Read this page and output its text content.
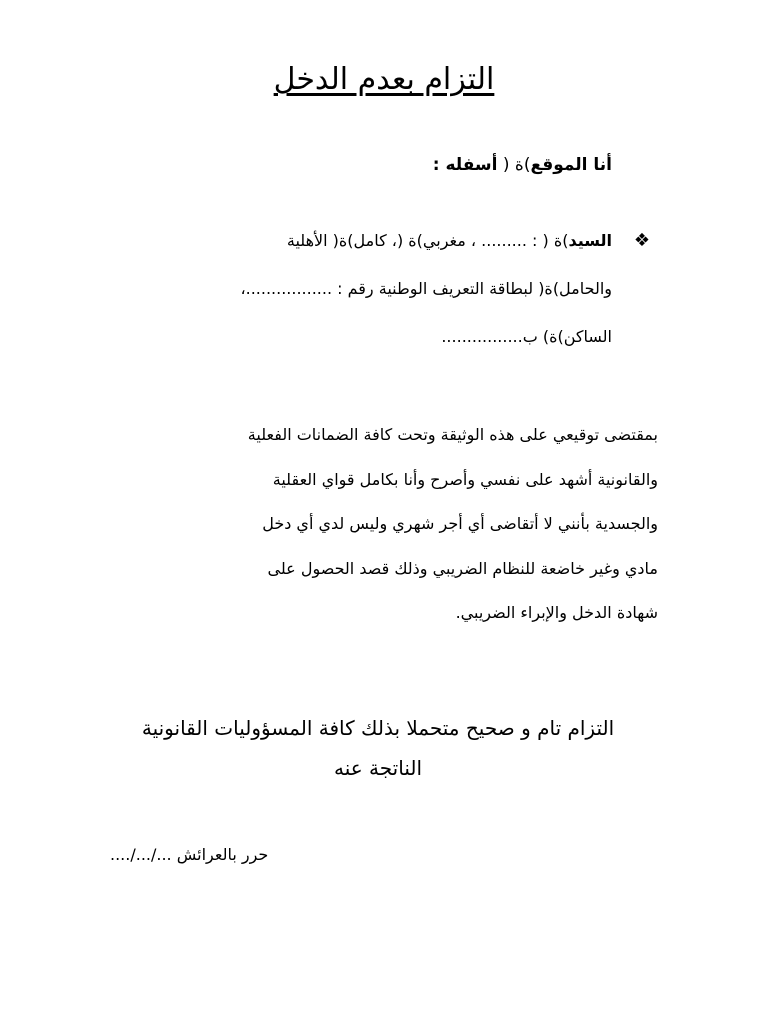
التزام بعدم الدخل
أنا الموقع)ة ( أسفله :
❖
السيد)ة ( : ......... ، مغربي)ة (، كامل)ة( الأهلية
والحامل)ة( لبطاقة التعريف الوطنية رقم : .................،
الساكن)ة) ب................
بمقتضى توقيعي على هذه الوثيقة وتحت كافة الضمانات الفعلية
والقانونية أشهد على نفسي وأصرح وأنا بكامل قواي العقلية
والجسدية بأنني لا أتقاضى أي أجر شهري وليس لدي أي دخل
مادي وغير خاضعة للنظام الضريبي وذلك قصد الحصول على
شهادة الدخل والإبراء الضريبي.
التزام تام و صحيح متحملا بذلك كافة المسؤوليات القانونية
الناتجة عنه
حرر بالعرائش .../.../....
